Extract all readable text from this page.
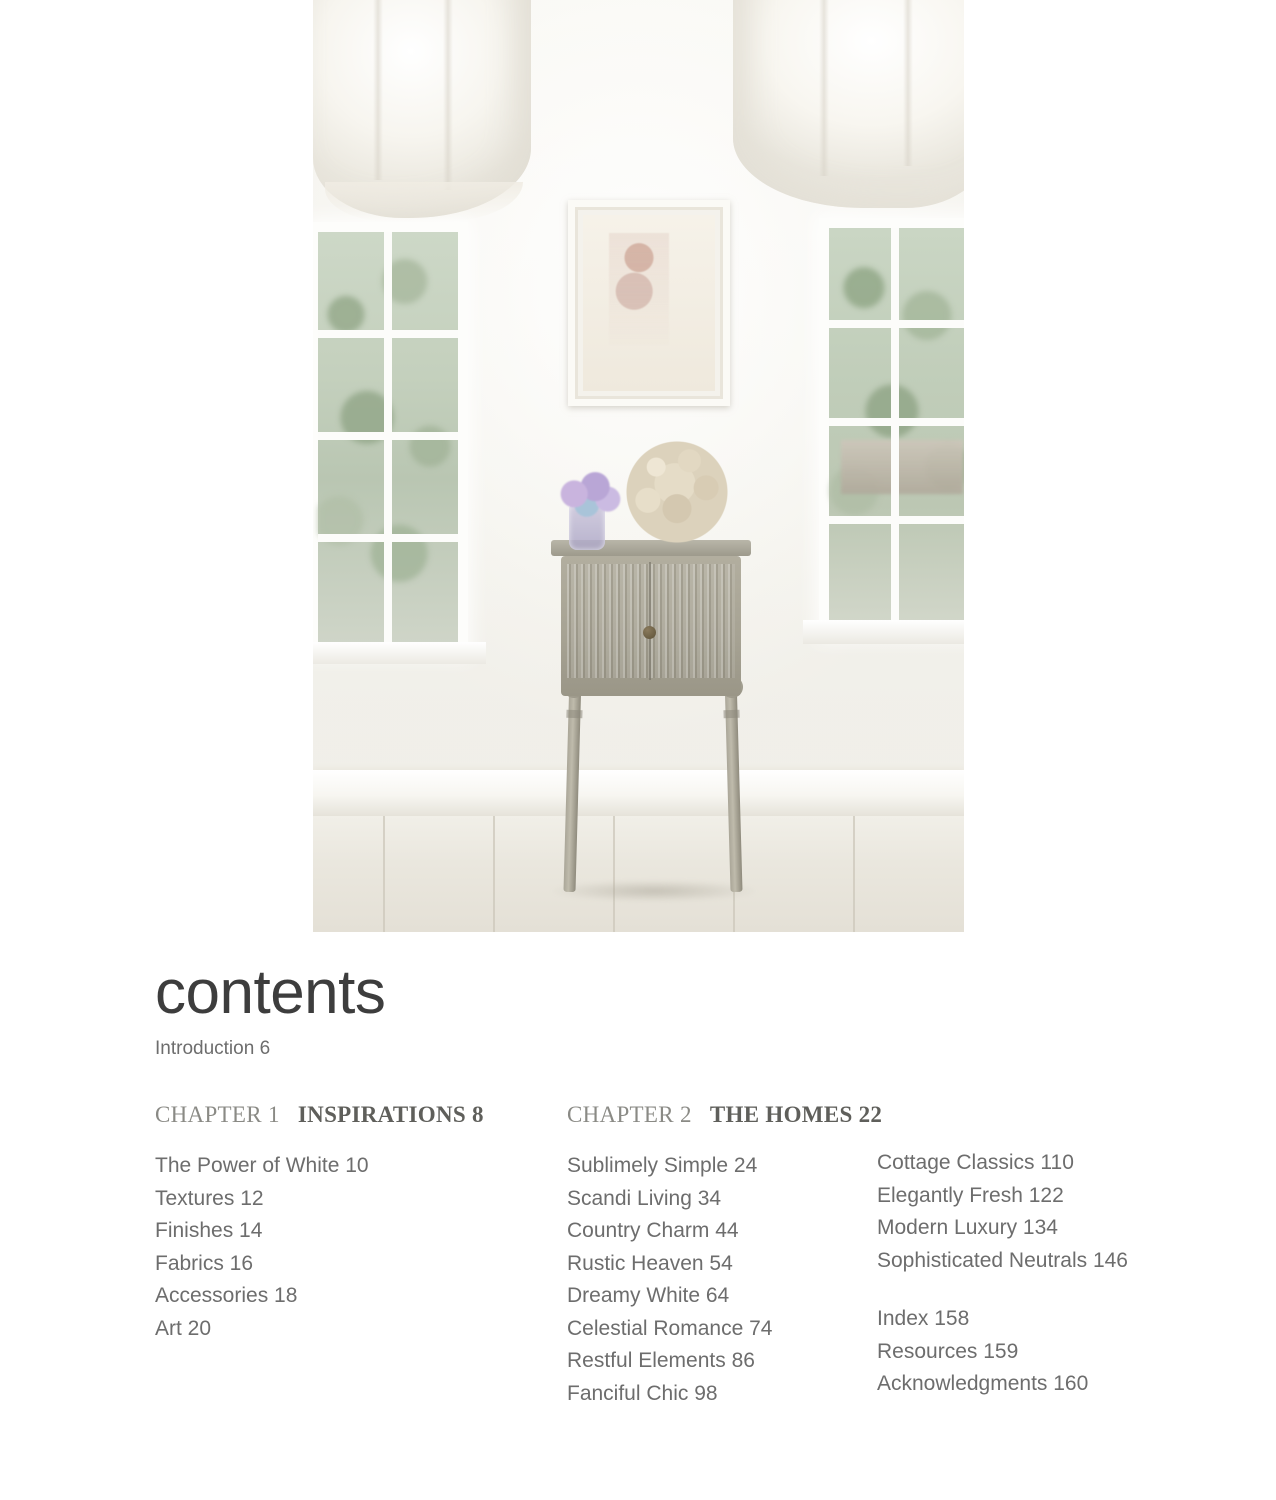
contents
Introduction 6
CHAPTER 1 INSPIRATIONS 8
The Power of White 10
Textures 12
Finishes 14
Fabrics 16
Accessories 18
Art 20
CHAPTER 2 THE HOMES 22
Sublimely Simple 24
Scandi Living 34
Country Charm 44
Rustic Heaven 54
Dreamy White 64
Celestial Romance 74
Restful Elements 86
Fanciful Chic 98
Cottage Classics 110
Elegantly Fresh 122
Modern Luxury 134
Sophisticated Neutrals 146
Index 158
Resources 159
Acknowledgments 160
